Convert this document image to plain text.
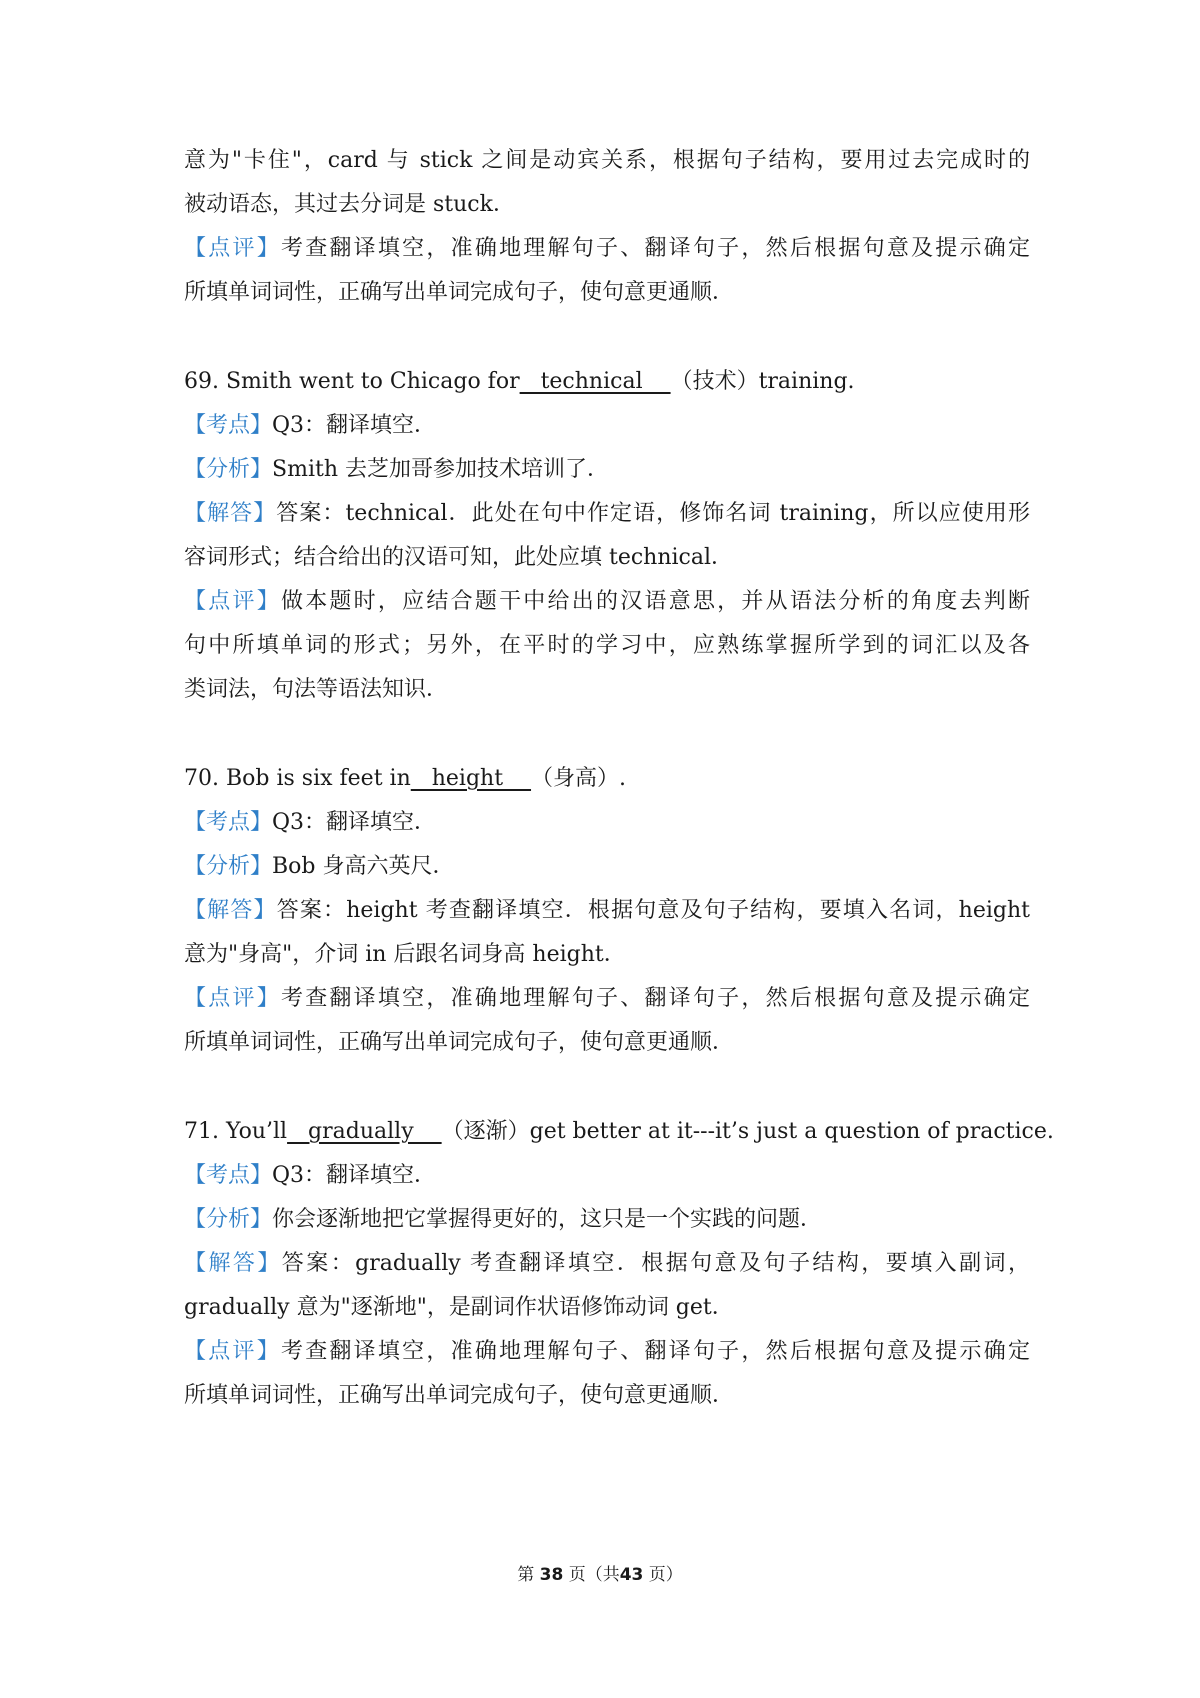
意为"卡住"，card 与 stick 之间是动宾关系，根据句子结构，要用过去完成时的
被动语态，其过去分词是 stuck．
【点评】考查翻译填空，准确地理解句子、翻译句子，然后根据句意及提示确定
所填单词词性，正确写出单词完成句子，使句意更通顺．
69. Smith went to Chicago for   technical    （技术）training.
【考点】Q3：翻译填空．
【分析】Smith 去芝加哥参加技术培训了．
【解答】答案：technical．此处在句中作定语，修饰名词 training，所以应使用形
容词形式；结合给出的汉语可知，此处应填 technical．
【点评】做本题时，应结合题干中给出的汉语意思，并从语法分析的角度去判断
句中所填单词的形式；另外，在平时的学习中，应熟练掌握所学到的词汇以及各
类词法，句法等语法知识．
70. Bob is six feet in   height    （身高）.
【考点】Q3：翻译填空．
【分析】Bob 身高六英尺．
【解答】答案：height 考查翻译填空．根据句意及句子结构，要填入名词，height
意为"身高"，介词 in 后跟名词身高 height．
【点评】考查翻译填空，准确地理解句子、翻译句子，然后根据句意及提示确定
所填单词词性，正确写出单词完成句子，使句意更通顺．
71. You’ll   gradually    （逐渐）get better at it---it’s just a question of practice.
【考点】Q3：翻译填空．
【分析】你会逐渐地把它掌握得更好的，这只是一个实践的问题．
【解答】答案：gradually 考查翻译填空．根据句意及句子结构，要填入副词，
gradually 意为"逐渐地"，是副词作状语修饰动词 get．
【点评】考查翻译填空，准确地理解句子、翻译句子，然后根据句意及提示确定
所填单词词性，正确写出单词完成句子，使句意更通顺．
第 38 页（共43 页）
